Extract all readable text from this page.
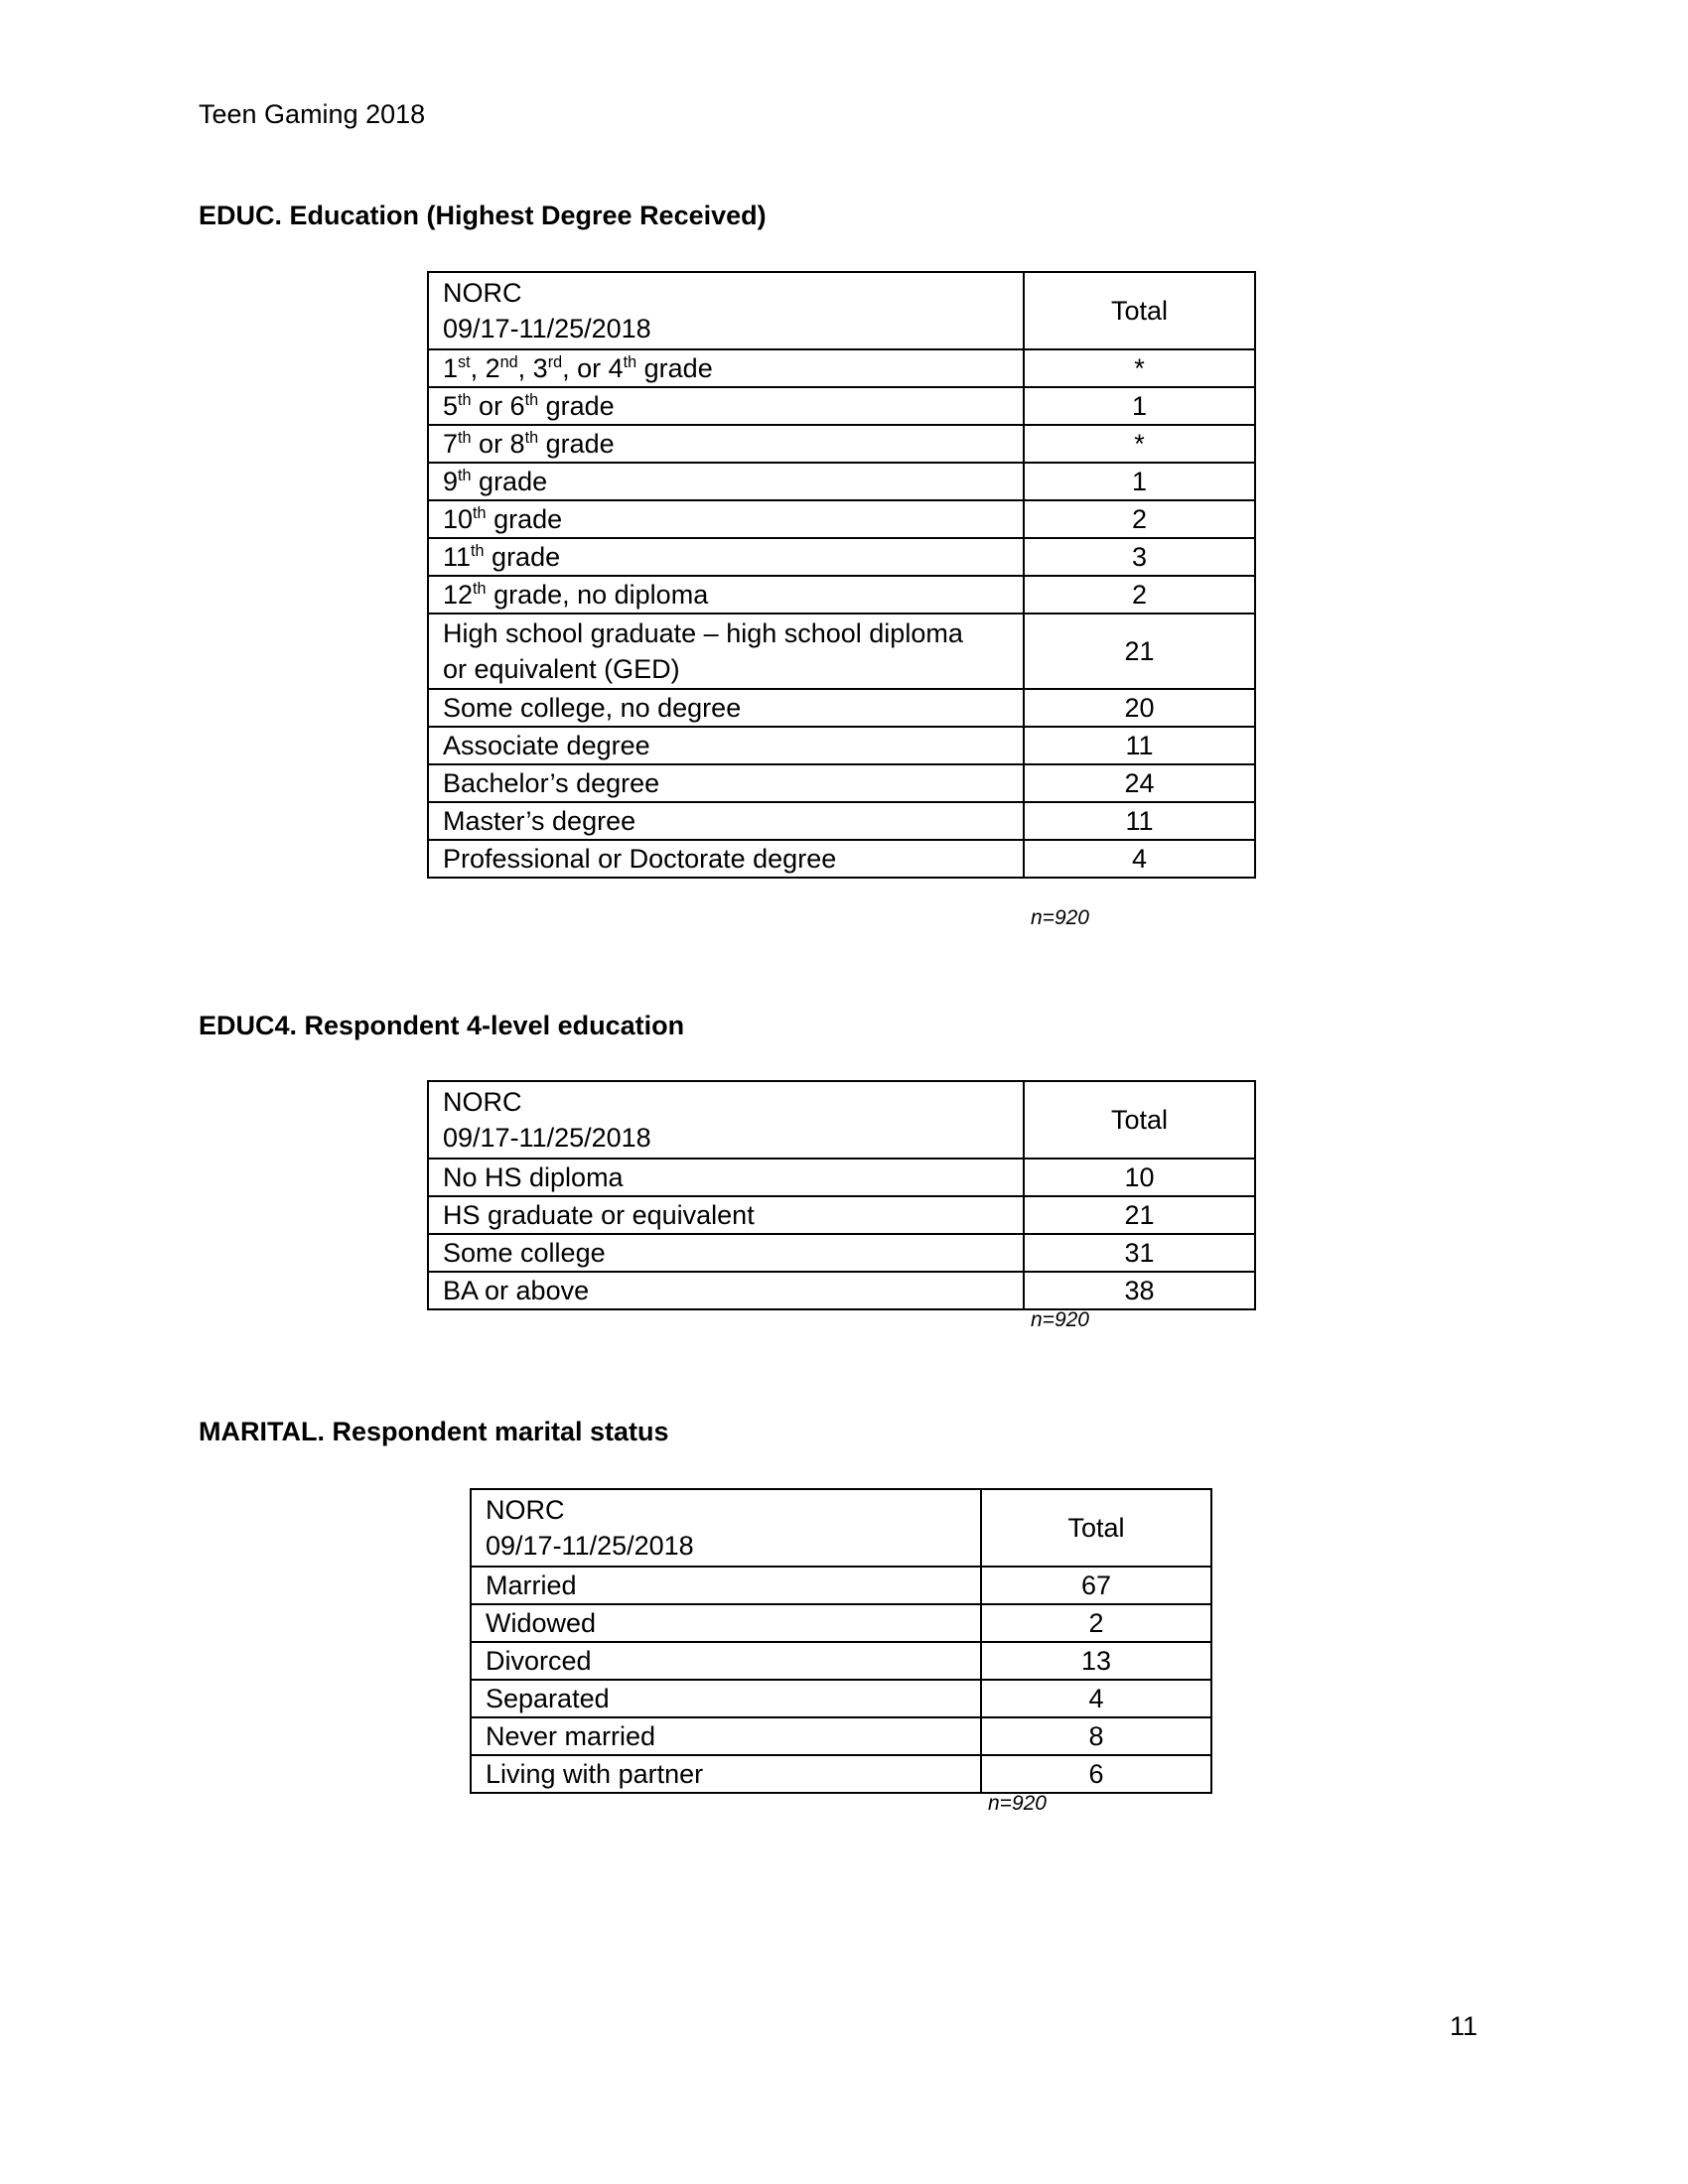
Teen Gaming 2018
EDUC. Education (Highest Degree Received)
NORC
09/17-11/25/2018	Total
1st, 2nd, 3rd, or 4th grade	*
5th or 6th grade	1
7th or 8th grade	*
9th grade	1
10th grade	2
11th grade	3
12th grade, no diploma	2
High school graduate – high school diploma
or equivalent (GED)	21
Some college, no degree	20
Associate degree	11
Bachelor’s degree	24
Master’s degree	11
Professional or Doctorate degree	4
n=920
EDUC4. Respondent 4-level education
NORC
09/17-11/25/2018	Total
No HS diploma	10
HS graduate or equivalent	21
Some college	31
BA or above	38
n=920
MARITAL. Respondent marital status
NORC
09/17-11/25/2018	Total
Married	67
Widowed	2
Divorced	13
Separated	4
Never married	8
Living with partner	6
n=920
11
